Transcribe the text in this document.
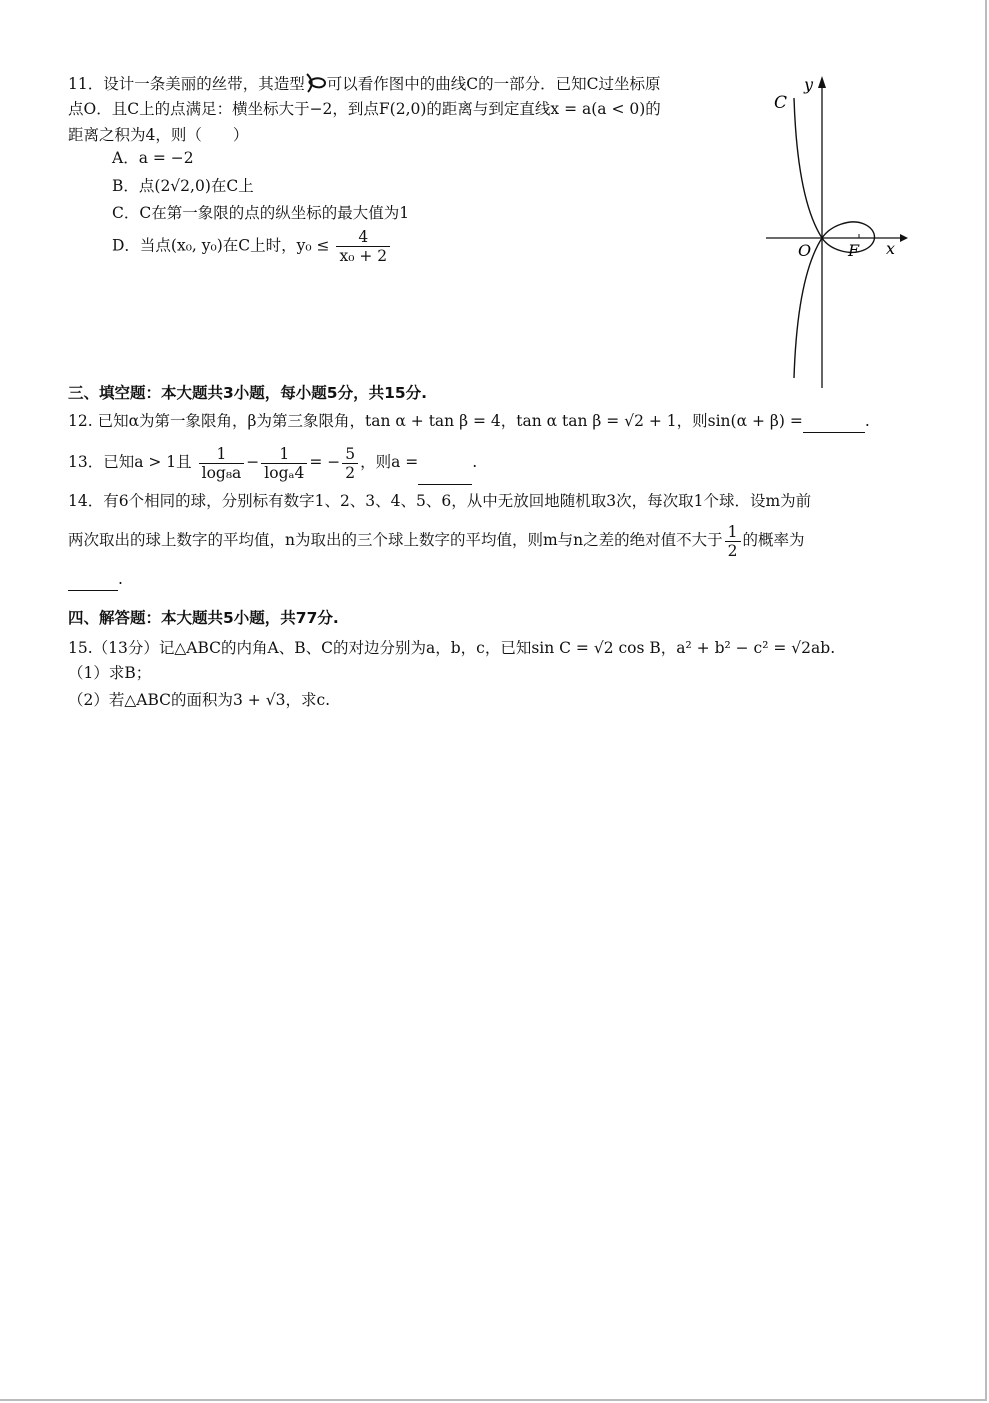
11．设计一条美丽的丝带，其造型 可以看作图中的曲线C的一部分．已知C过坐标原
点O．且C上的点满足：横坐标大于−2，到点F(2,0)的距离与到定直线x = a(a < 0)的
距离之积为4，则（　　）
A．a = −2
B．点(2√2,0)在C上
C．C在第一象限的点的纵坐标的最大值为1
D．当点(x₀, y₀)在C上时，$y_0 \le \frac{4}{\text{x₀ + 2}}$
C
y
x
O F
三、填空题：本大题共3小题，每小题5分，共15分.
12. 已知α为第一象限角，β为第三象限角，tan α + tan β = 4，tan α tan β = √2 + 1，则sin(α + β) =	.
13．已知a > 1且 $\frac{1}{\text{log₈a}} - \frac{1}{\text{logₐ4}}$ = − $\frac{5}{2}$ ，则a =	.
14．有6个相同的球，分别标有数字1、2、3、4、5、6，从中无放回地随机取3次，每次取1个球．设m为前
两次取出的球上数字的平均值，n为取出的三个球上数字的平均值，则m与n之差的绝对值不大于 $\frac{1}{2}$ 的概率为
.
四、解答题：本大题共5小题，共77分.
15.（13分）记△ABC的内角A、B、C的对边分别为a，b，c，已知sin C = √2 cos B，a² + b² − c² = √2ab.
（1）求B；
（2）若△ABC的面积为3 + √3，求c.
